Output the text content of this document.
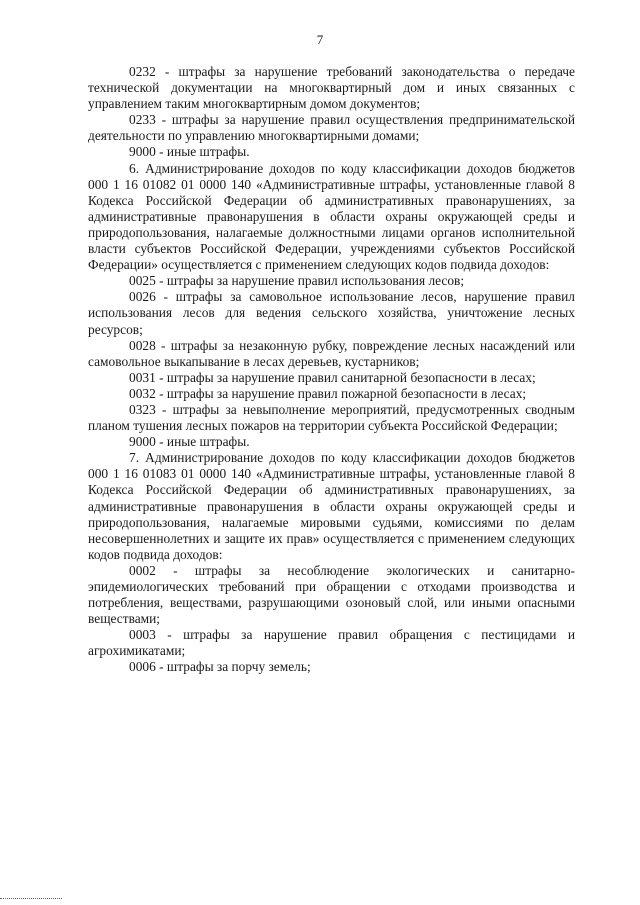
7

0232 - штрафы за нарушение требований законодательства о передаче технической документации на многоквартирный дом и иных связанных с управлением таким многоквартирным домом документов;

0233 - штрафы за нарушение правил осуществления предпринимательской деятельности по управлению многоквартирными домами;

9000 - иные штрафы.

6. Администрирование доходов по коду классификации доходов бюджетов 000 1 16 01082 01 0000 140 «Административные штрафы, установленные главой 8 Кодекса Российской Федерации об административных правонарушениях, за административные правонарушения в области охраны окружающей среды и природопользования, налагаемые должностными лицами органов исполнительной власти субъектов Российской Федерации, учреждениями субъектов Российской Федерации» осуществляется с применением следующих кодов подвида доходов:

0025 - штрафы за нарушение правил использования лесов;

0026 - штрафы за самовольное использование лесов, нарушение правил использования лесов для ведения сельского хозяйства, уничтожение лесных ресурсов;

0028 - штрафы за незаконную рубку, повреждение лесных насаждений или самовольное выкапывание в лесах деревьев, кустарников;

0031 - штрафы за нарушение правил санитарной безопасности в лесах;

0032 - штрафы за нарушение правил пожарной безопасности в лесах;

0323 - штрафы за невыполнение мероприятий, предусмотренных сводным планом тушения лесных пожаров на территории субъекта Российской Федерации;

9000 - иные штрафы.

7. Администрирование доходов по коду классификации доходов бюджетов 000 1 16 01083 01 0000 140 «Административные штрафы, установленные главой 8 Кодекса Российской Федерации об административных правонарушениях, за административные правонарушения в области охраны окружающей среды и природопользования, налагаемые мировыми судьями, комиссиями по делам несовершеннолетних и защите их прав» осуществляется с применением следующих кодов подвида доходов:

0002 - штрафы за несоблюдение экологических и санитарно-эпидемиологических требований при обращении с отходами производства и потребления, веществами, разрушающими озоновый слой, или иными опасными веществами;

0003 - штрафы за нарушение правил обращения с пестицидами и агрохимикатами;

0006 - штрафы за порчу земель;
